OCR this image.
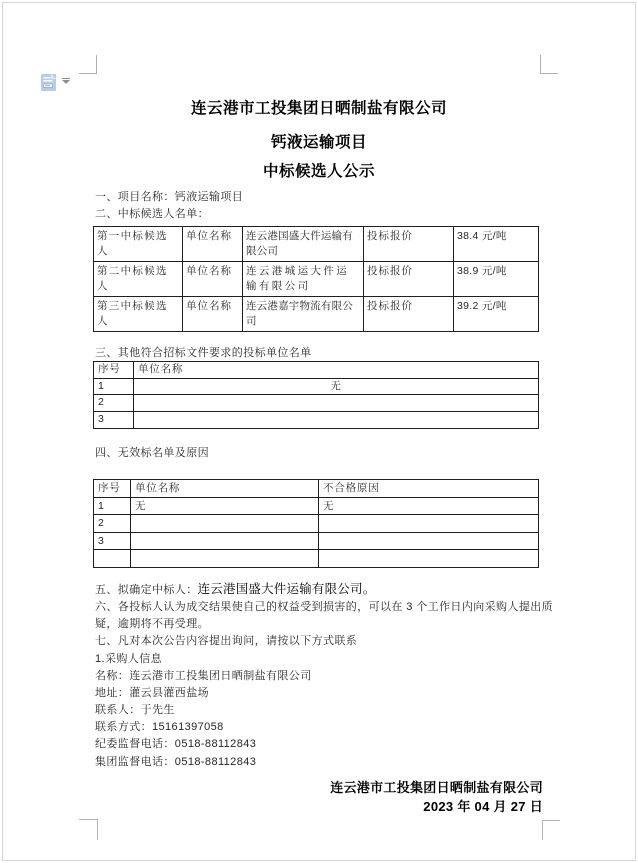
连云港市工投集团日晒制盐有限公司
钙液运输项目
中标候选人公示
一、项目名称：钙液运输项目
二、中标候选人名单：
第一中标候选人	单位名称	连云港国盛大件运输有限公司	投标报价	38.4 元/吨
第二中标候选人	单位名称	连云港城运大件运输有限公司	投标报价	38.9 元/吨
第三中标候选人	单位名称	连云港嘉宇物流有限公司	投标报价	39.2 元/吨
三、其他符合招标文件要求的投标单位名单
序号	单位名称
1	无
2	
3	
四、无效标名单及原因
序号	单位名称	不合格原因
1	无	无
2		
3		

五、拟确定中标人：连云港国盛大件运输有限公司。
六、各投标人认为成交结果使自己的权益受到损害的，可以在 3 个工作日内向采购人提出质
疑，逾期将不再受理。
七、凡对本次公告内容提出询问，请按以下方式联系
1.采购人信息
名称：连云港市工投集团日晒制盐有限公司
地址：灌云县灌西盐场
联系人：于先生
联系方式：15161397058
纪委监督电话：0518-88112843
集团监督电话：0518-88112843
连云港市工投集团日晒制盐有限公司
2023 年 04 月 27 日
